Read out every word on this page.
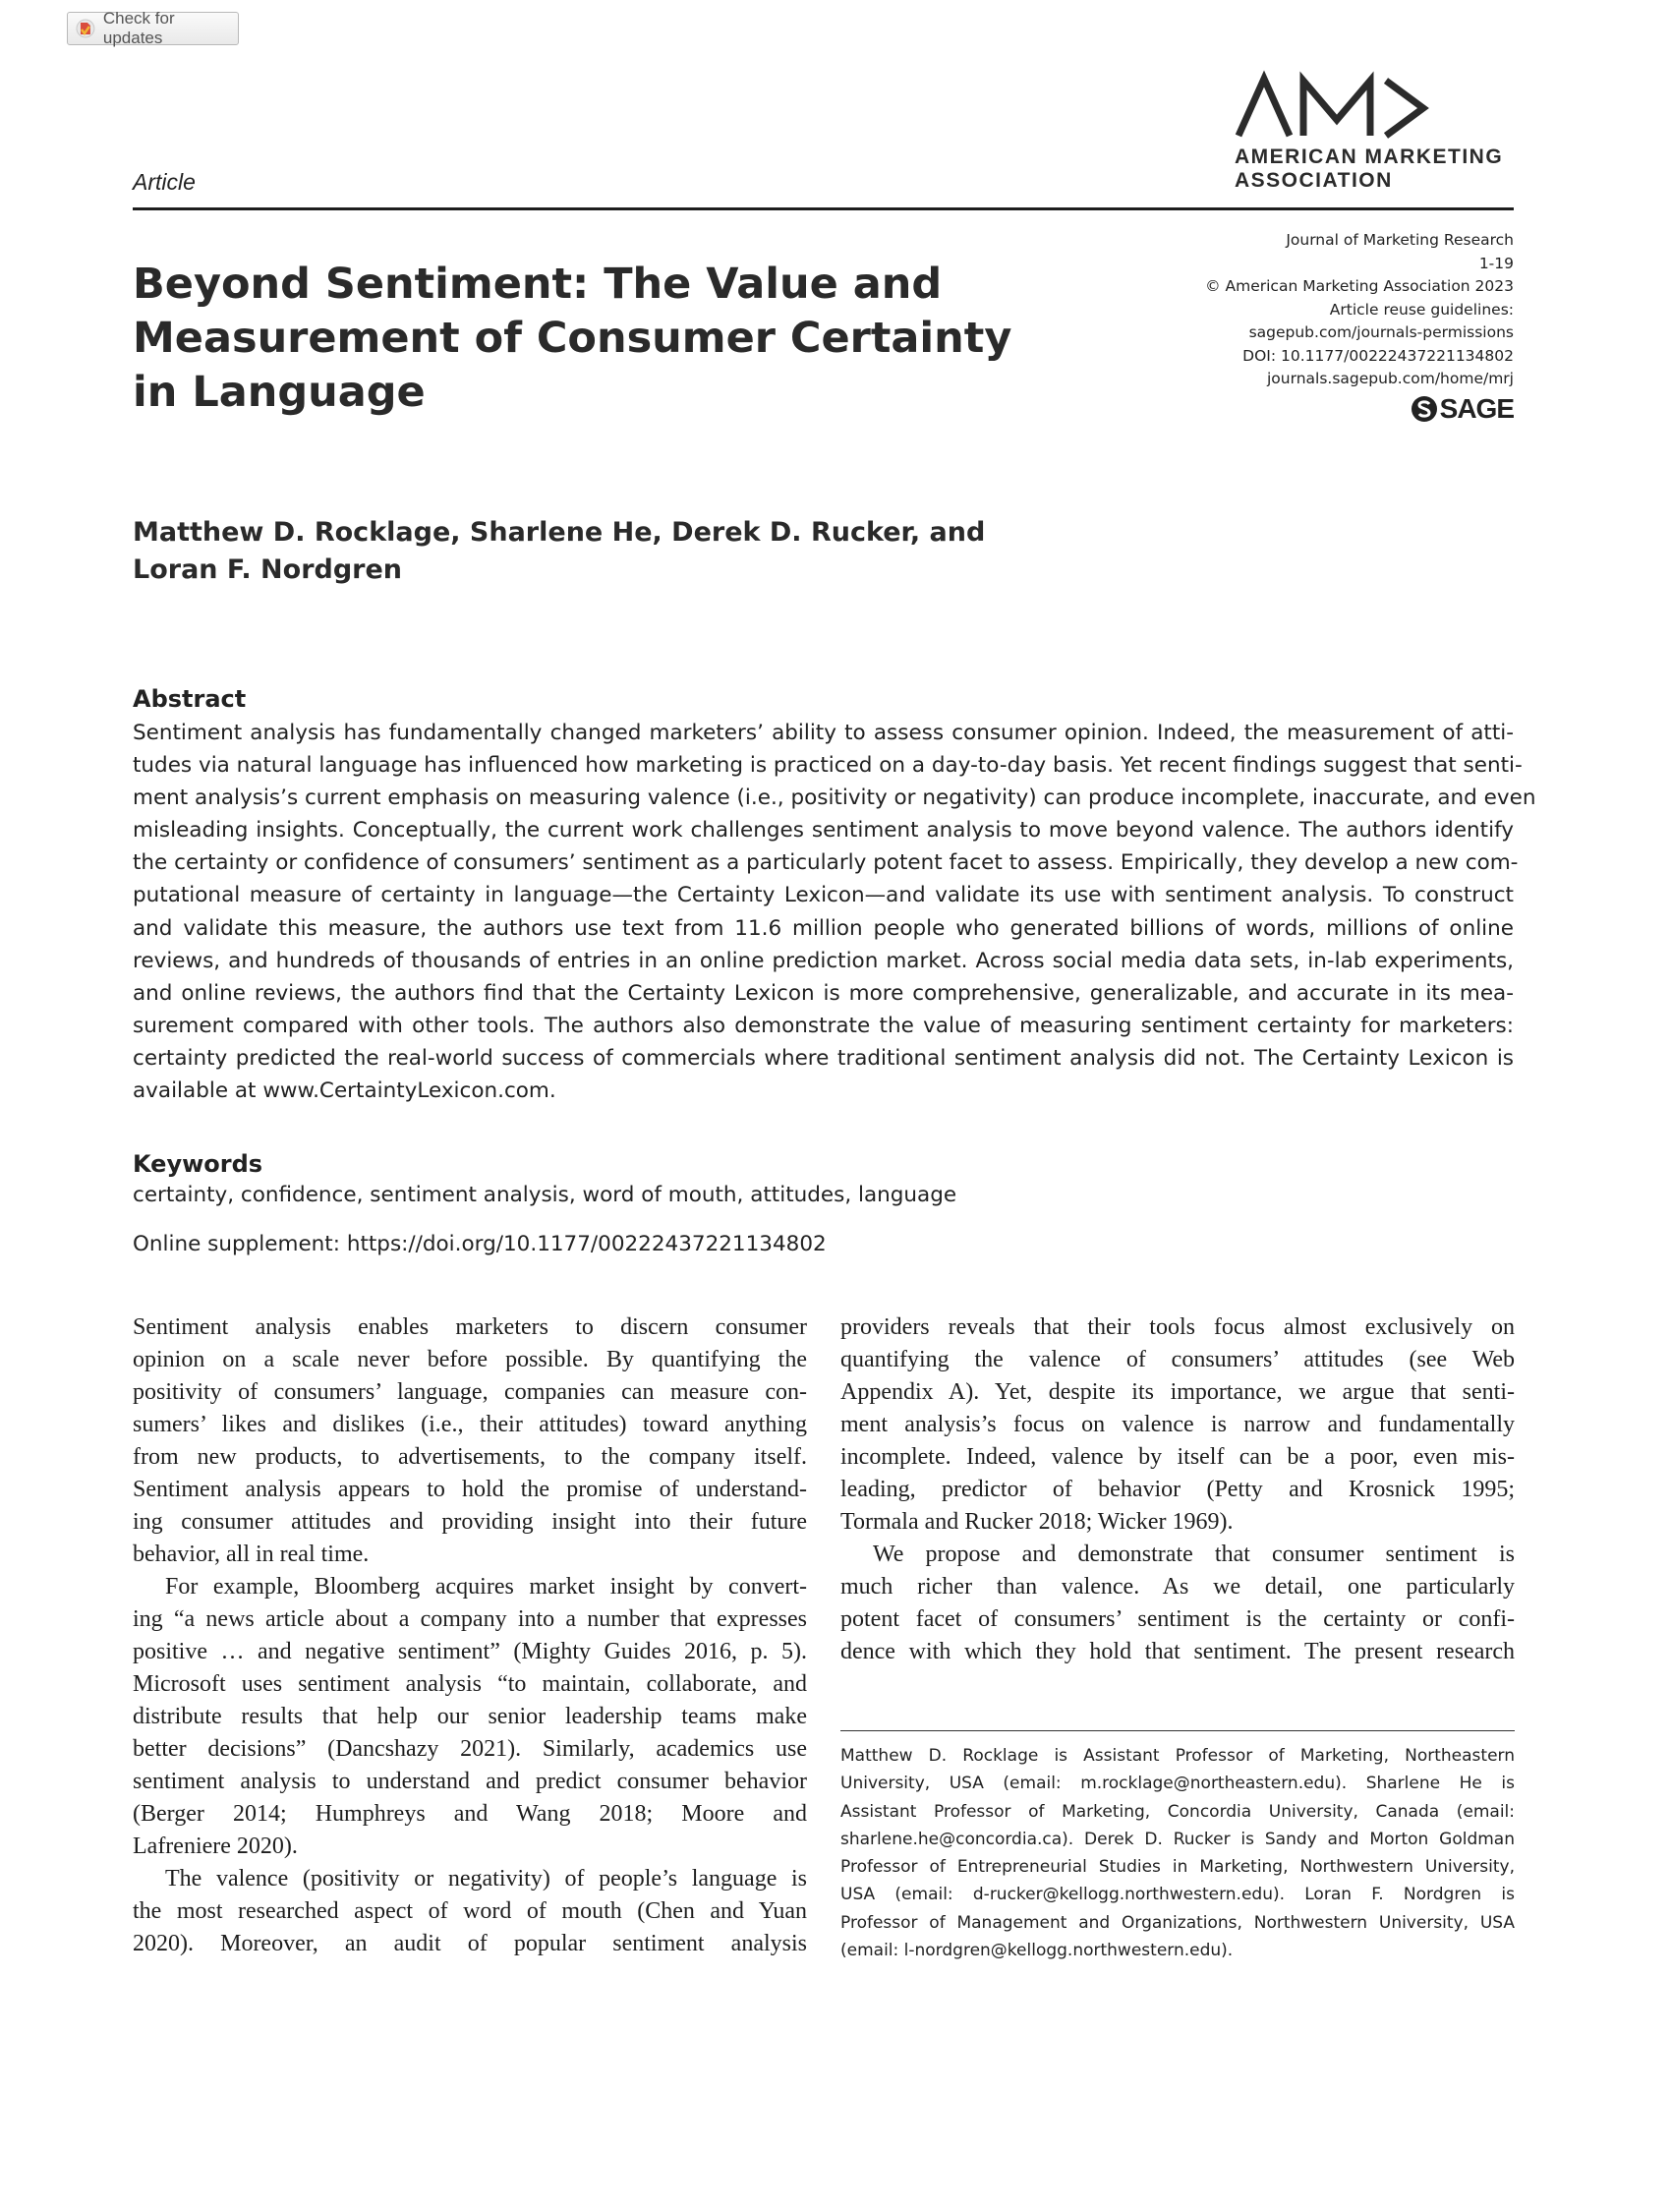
Check for updates
Article
AMERICAN MARKETING
ASSOCIATION
Journal of Marketing Research
1-19
© American Marketing Association 2023
Article reuse guidelines:
sagepub.com/journals-permissions
DOI: 10.1177/00222437221134802
journals.sagepub.com/home/mrj
SAGE
Beyond Sentiment: The Value and
Measurement of Consumer Certainty
in Language
Matthew D. Rocklage, Sharlene He, Derek D. Rucker, and
Loran F. Nordgren
Abstract
Sentiment analysis has fundamentally changed marketers’ ability to assess consumer opinion. Indeed, the measurement of atti-
tudes via natural language has influenced how marketing is practiced on a day-to-day basis. Yet recent findings suggest that senti-
ment analysis’s current emphasis on measuring valence (i.e., positivity or negativity) can produce incomplete, inaccurate, and even
misleading insights. Conceptually, the current work challenges sentiment analysis to move beyond valence. The authors identify
the certainty or confidence of consumers’ sentiment as a particularly potent facet to assess. Empirically, they develop a new com-
putational measure of certainty in language—the Certainty Lexicon—and validate its use with sentiment analysis. To construct
and validate this measure, the authors use text from 11.6 million people who generated billions of words, millions of online
reviews, and hundreds of thousands of entries in an online prediction market. Across social media data sets, in-lab experiments,
and online reviews, the authors find that the Certainty Lexicon is more comprehensive, generalizable, and accurate in its mea-
surement compared with other tools. The authors also demonstrate the value of measuring sentiment certainty for marketers:
certainty predicted the real-world success of commercials where traditional sentiment analysis did not. The Certainty Lexicon is
available at www.CertaintyLexicon.com.
Keywords
certainty, confidence, sentiment analysis, word of mouth, attitudes, language
Online supplement: https://doi.org/10.1177/00222437221134802
Sentiment analysis enables marketers to discern consumer
opinion on a scale never before possible. By quantifying the
positivity of consumers’ language, companies can measure con-
sumers’ likes and dislikes (i.e., their attitudes) toward anything
from new products, to advertisements, to the company itself.
Sentiment analysis appears to hold the promise of understand-
ing consumer attitudes and providing insight into their future
behavior, all in real time.
For example, Bloomberg acquires market insight by convert-
ing “a news article about a company into a number that expresses
positive … and negative sentiment” (Mighty Guides 2016, p. 5).
Microsoft uses sentiment analysis “to maintain, collaborate, and
distribute results that help our senior leadership teams make
better decisions” (Dancshazy 2021). Similarly, academics use
sentiment analysis to understand and predict consumer behavior
(Berger 2014; Humphreys and Wang 2018; Moore and
Lafreniere 2020).
The valence (positivity or negativity) of people’s language is
the most researched aspect of word of mouth (Chen and Yuan
2020). Moreover, an audit of popular sentiment analysis
providers reveals that their tools focus almost exclusively on
quantifying the valence of consumers’ attitudes (see Web
Appendix A). Yet, despite its importance, we argue that senti-
ment analysis’s focus on valence is narrow and fundamentally
incomplete. Indeed, valence by itself can be a poor, even mis-
leading, predictor of behavior (Petty and Krosnick 1995;
Tormala and Rucker 2018; Wicker 1969).
We propose and demonstrate that consumer sentiment is
much richer than valence. As we detail, one particularly
potent facet of consumers’ sentiment is the certainty or confi-
dence with which they hold that sentiment. The present research
Matthew D. Rocklage is Assistant Professor of Marketing, Northeastern
University, USA (email: m.rocklage@northeastern.edu). Sharlene He is
Assistant Professor of Marketing, Concordia University, Canada (email:
sharlene.he@concordia.ca). Derek D. Rucker is Sandy and Morton Goldman
Professor of Entrepreneurial Studies in Marketing, Northwestern University,
USA (email: d-rucker@kellogg.northwestern.edu). Loran F. Nordgren is
Professor of Management and Organizations, Northwestern University, USA
(email: l-nordgren@kellogg.northwestern.edu).
